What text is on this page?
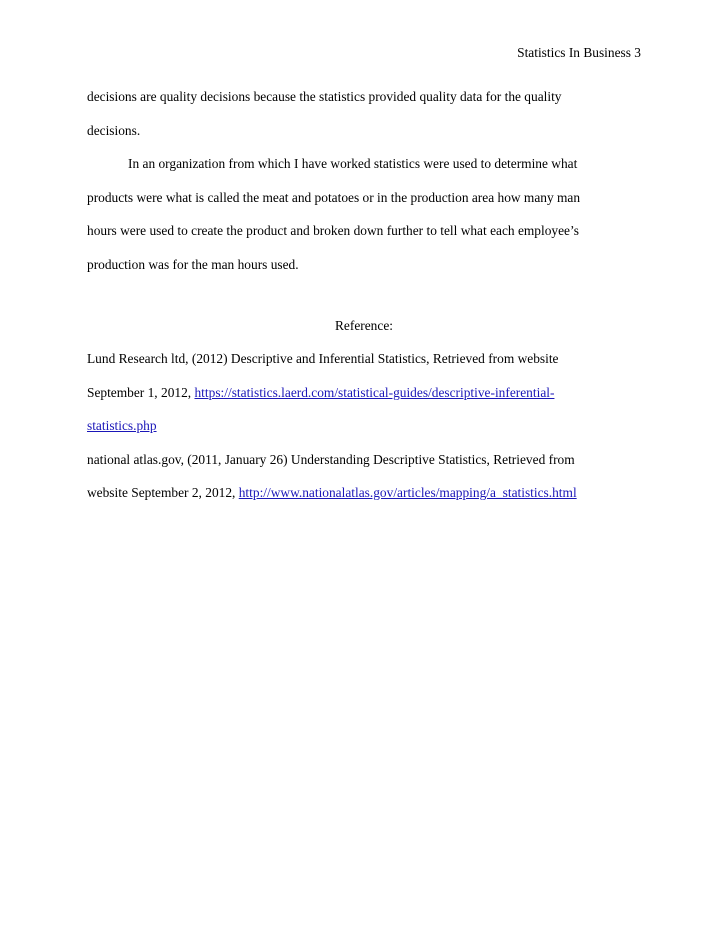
Statistics In Business 3
decisions are quality decisions because the statistics provided quality data for the quality
decisions.
In an organization from which I have worked statistics were used to determine what
products were what is called the meat and potatoes or in the production area how many man
hours were used to create the product and broken down further to tell what each employee’s
production was for the man hours used.
Reference:
Lund Research ltd, (2012) Descriptive and Inferential Statistics, Retrieved from website
September 1, 2012, https://statistics.laerd.com/statistical-guides/descriptive-inferential-
statistics.php
national atlas.gov, (2011, January 26) Understanding Descriptive Statistics, Retrieved from
website September 2, 2012, http://www.nationalatlas.gov/articles/mapping/a_statistics.html
